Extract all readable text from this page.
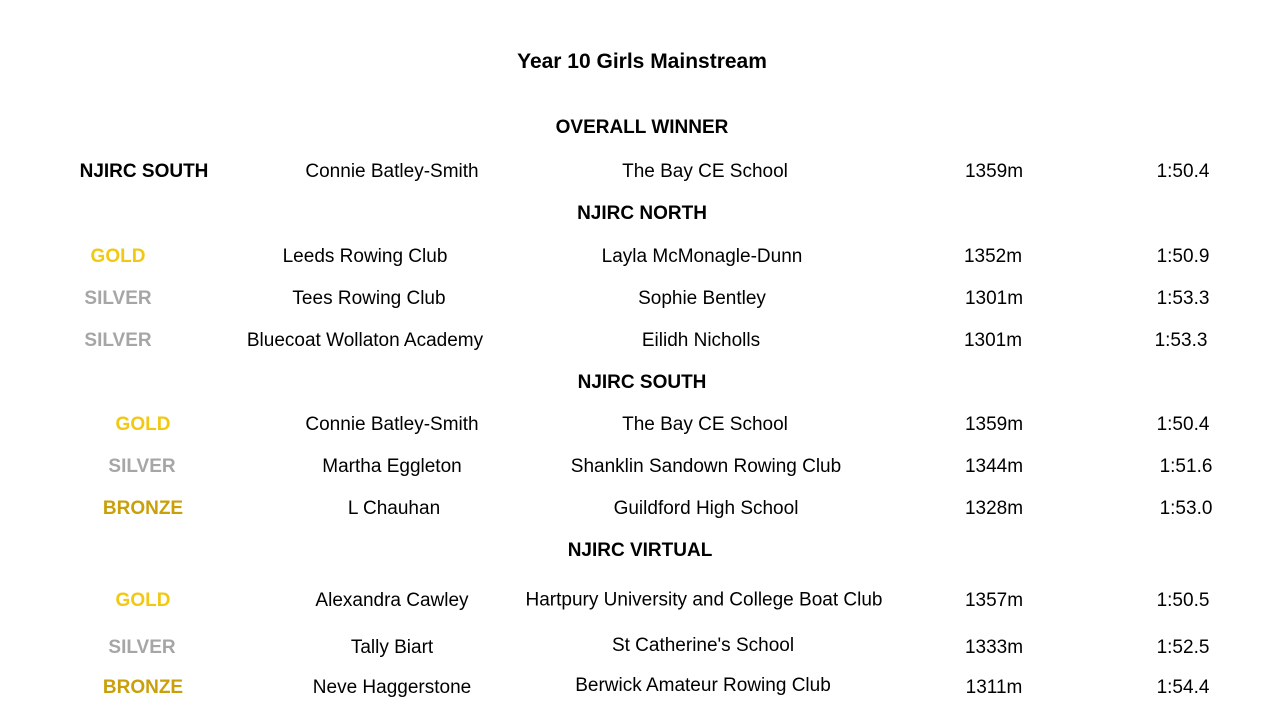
Year 10 Girls Mainstream
OVERALL WINNER
NJIRC SOUTH	Connie Batley-Smith	The Bay CE School	1359m	1:50.4
NJIRC NORTH
GOLD	Leeds Rowing Club	Layla McMonagle-Dunn	1352m	1:50.9
SILVER	Tees Rowing Club	Sophie Bentley	1301m	1:53.3
SILVER	Bluecoat Wollaton Academy	Eilidh Nicholls	1301m	1:53.3
NJIRC SOUTH
GOLD	Connie Batley-Smith	The Bay CE School	1359m	1:50.4
SILVER	Martha Eggleton	Shanklin Sandown Rowing Club	1344m	1:51.6
BRONZE	L Chauhan	Guildford High School	1328m	1:53.0
NJIRC VIRTUAL
GOLD	Alexandra Cawley	Hartpury University and College Boat Club	1357m	1:50.5
SILVER	Tally Biart	St Catherine's School	1333m	1:52.5
BRONZE	Neve Haggerstone	Berwick Amateur Rowing Club	1311m	1:54.4
